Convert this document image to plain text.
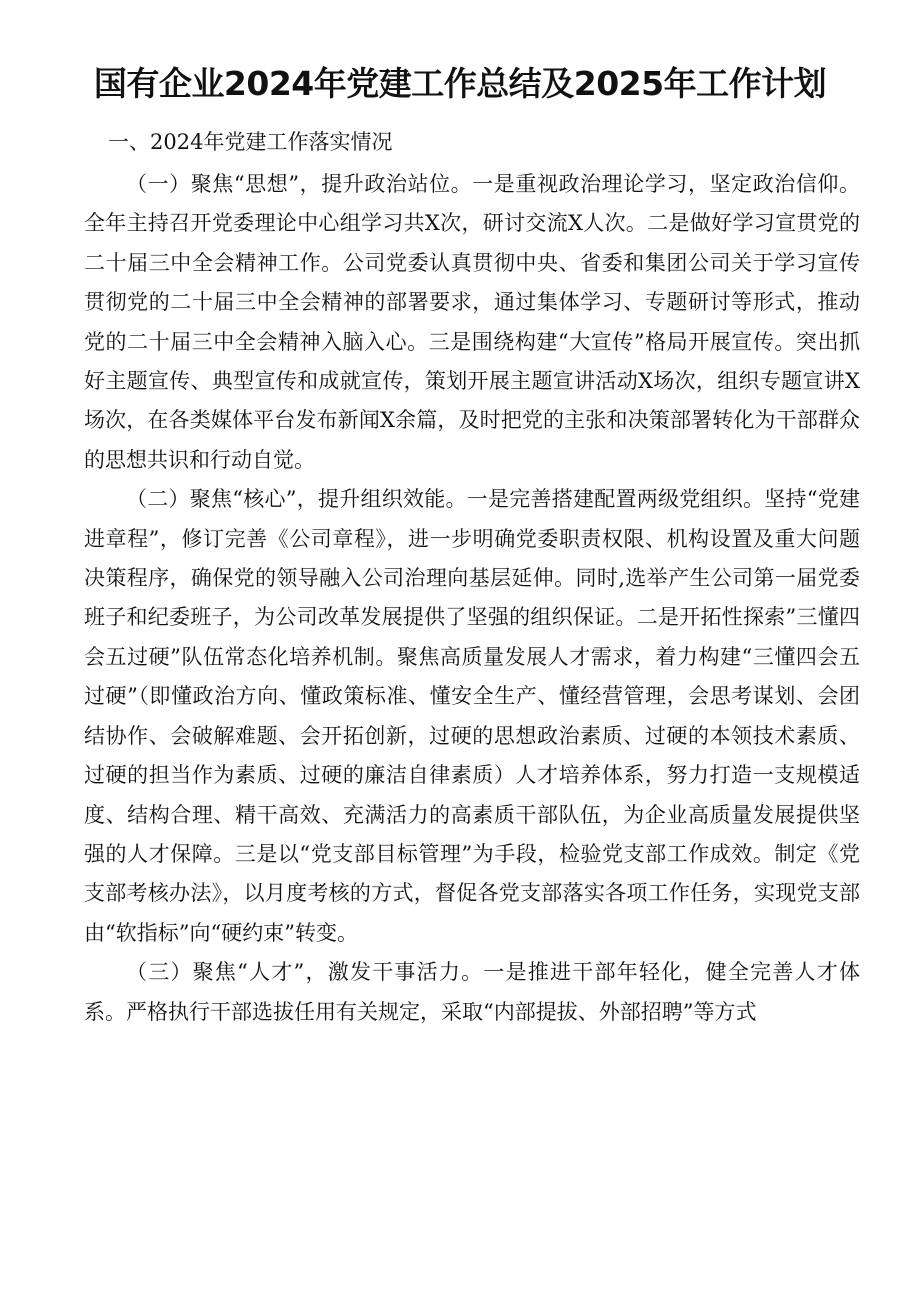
国有企业2024年党建工作总结及2025年工作计划
一、2024年党建工作落实情况

（一）聚焦“思想”，提升政治站位。一是重视政治理论学习，坚定政治信仰。全年主持召开党委理论中心组学习共X次，研讨交流X人次。二是做好学习宣贯党的二十届三中全会精神工作。公司党委认真贯彻中央、省委和集团公司关于学习宣传贯彻党的二十届三中全会精神的部署要求，通过集体学习、专题研讨等形式，推动党的二十届三中全会精神入脑入心。三是围绕构建“大宣传”格局开展宣传。突出抓好主题宣传、典型宣传和成就宣传，策划开展主题宣讲活动X场次，组织专题宣讲X场次，在各类媒体平台发布新闻X余篇，及时把党的主张和决策部署转化为干部群众的思想共识和行动自觉。

（二）聚焦“核心”，提升组织效能。一是完善搭建配置两级党组织。坚持“党建进章程”，修订完善《公司章程》，进一步明确党委职责权限、机构设置及重大问题决策程序，确保党的领导融入公司治理向基层延伸。同时,选举产生公司第一届党委班子和纪委班子，为公司改革发展提供了坚强的组织保证。二是开拓性探索”三懂四会五过硬”队伍常态化培养机制。聚焦高质量发展人才需求，着力构建“三懂四会五过硬”（即懂政治方向、懂政策标准、懂安全生产、懂经营管理，会思考谋划、会团结协作、会破解难题、会开拓创新，过硬的思想政治素质、过硬的本领技术素质、过硬的担当作为素质、过硬的廉洁自律素质）人才培养体系，努力打造一支规模适度、结构合理、精干高效、充满活力的高素质干部队伍，为企业高质量发展提供坚强的人才保障。三是以“党支部目标管理”为手段，检验党支部工作成效。制定《党支部考核办法》，以月度考核的方式，督促各党支部落实各项工作任务，实现党支部由“软指标”向“硬约束”转变。

（三）聚焦“人才”，激发干事活力。一是推进干部年轻化，健全完善人才体系。严格执行干部选拔任用有关规定，采取“内部提拔、外部招聘”等方式
